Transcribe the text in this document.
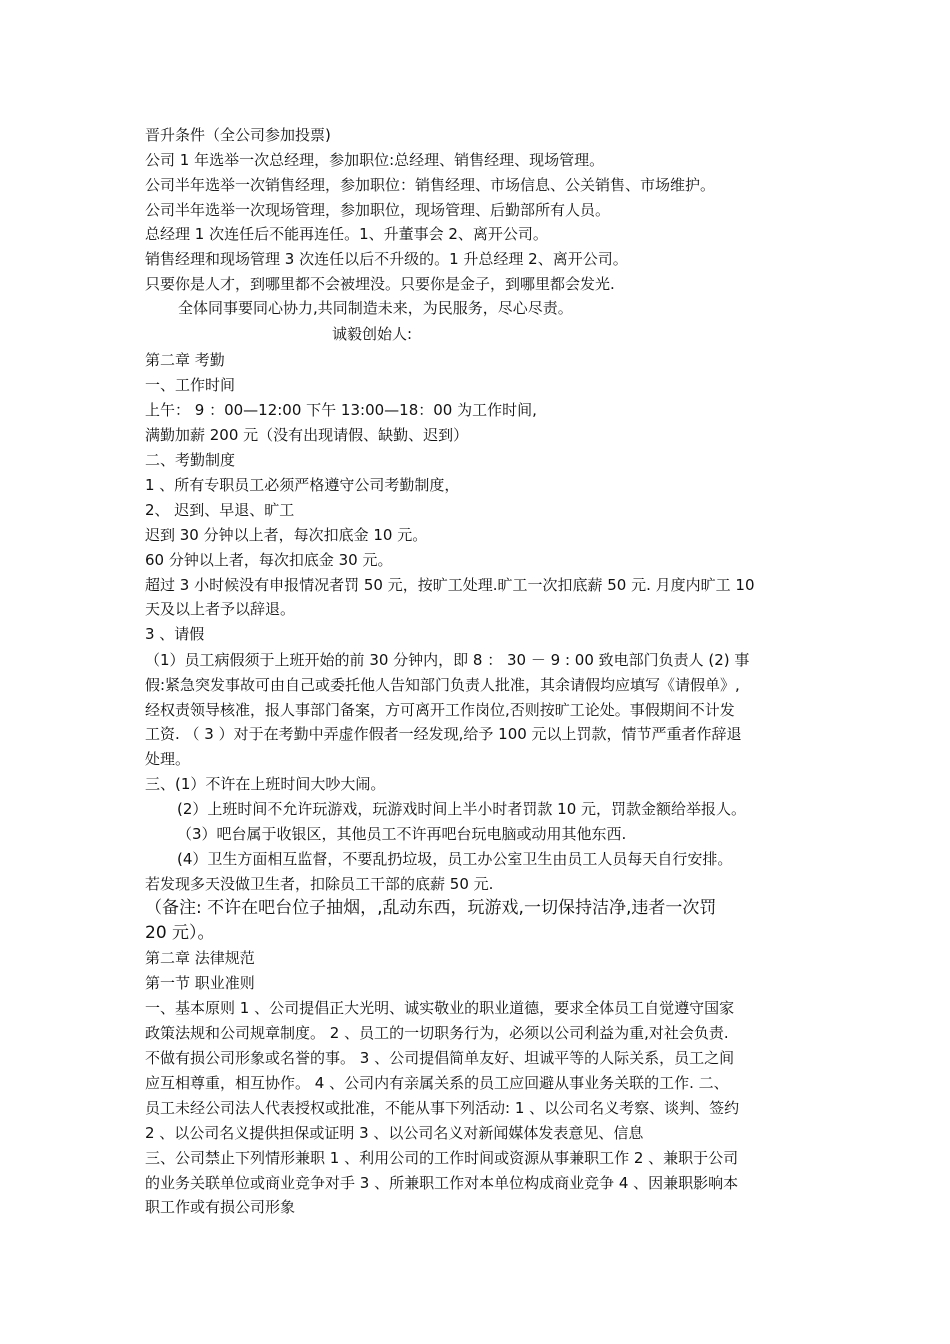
晋升条件（全公司参加投票)
公司 1 年选举一次总经理，参加职位:总经理、销售经理、现场管理。
公司半年选举一次销售经理，参加职位：销售经理、市场信息、公关销售、市场维护。
公司半年选举一次现场管理，参加职位，现场管理、后勤部所有人员。
总经理 1 次连任后不能再连任。1、升董事会 2、离开公司。
销售经理和现场管理 3 次连任以后不升级的。1 升总经理 2、离开公司。
只要你是人才，到哪里都不会被埋没。只要你是金子，到哪里都会发光.
全体同事要同心协力,共同制造未来，为民服务，尽心尽责。
诚毅创始人:
第二章 考勤
一、工作时间
上午： 9 ：00—12:00 下午 13:00—18：00 为工作时间,
满勤加薪 200 元（没有出现请假、缺勤、迟到）
二、考勤制度
1 、所有专职员工必须严格遵守公司考勤制度，
2、 迟到、早退、旷工
迟到 30 分钟以上者，每次扣底金 10 元。
60 分钟以上者，每次扣底金 30 元。
超过 3 小时候没有申报情况者罚 50 元，按旷工处理.旷工一次扣底薪 50 元. 月度内旷工 10
天及以上者予以辞退。
3 、请假
（1）员工病假须于上班开始的前 30 分钟内，即 8 ： 30 － 9 : 00 致电部门负责人 (2) 事
假:紧急突发事故可由自己或委托他人告知部门负责人批准，其余请假均应填写《请假单》,
经权责领导核准，报人事部门备案，方可离开工作岗位,否则按旷工论处。事假期间不计发
工资. （ 3 ）对于在考勤中弄虚作假者一经发现,给予 100 元以上罚款，情节严重者作辞退
处理。
三、(1）不许在上班时间大吵大闹。
(2）上班时间不允许玩游戏，玩游戏时间上半小时者罚款 10 元，罚款金额给举报人。
（3）吧台属于收银区，其他员工不许再吧台玩电脑或动用其他东西.
(4）卫生方面相互监督，不要乱扔垃圾，员工办公室卫生由员工人员每天自行安排。
若发现多天没做卫生者，扣除员工干部的底薪 50 元.
（备注: 不许在吧台位子抽烟，,乱动东西，玩游戏,一切保持洁净,违者一次罚
20 元）。
第二章 法律规范
第一节 职业准则
一、基本原则 1 、公司提倡正大光明、诚实敬业的职业道德，要求全体员工自觉遵守国家
政策法规和公司规章制度。 2 、员工的一切职务行为，必须以公司利益为重,对社会负责.
不做有损公司形象或名誉的事。 3 、公司提倡简单友好、坦诚平等的人际关系，员工之间
应互相尊重，相互协作。 4 、公司内有亲属关系的员工应回避从事业务关联的工作. 二、
员工未经公司法人代表授权或批准，不能从事下列活动: 1 、以公司名义考察、谈判、签约
2 、以公司名义提供担保或证明 3 、以公司名义对新闻媒体发表意见、信息
三、公司禁止下列情形兼职 1 、利用公司的工作时间或资源从事兼职工作 2 、兼职于公司
的业务关联单位或商业竞争对手 3 、所兼职工作对本单位构成商业竞争 4 、因兼职影响本
职工作或有损公司形象
